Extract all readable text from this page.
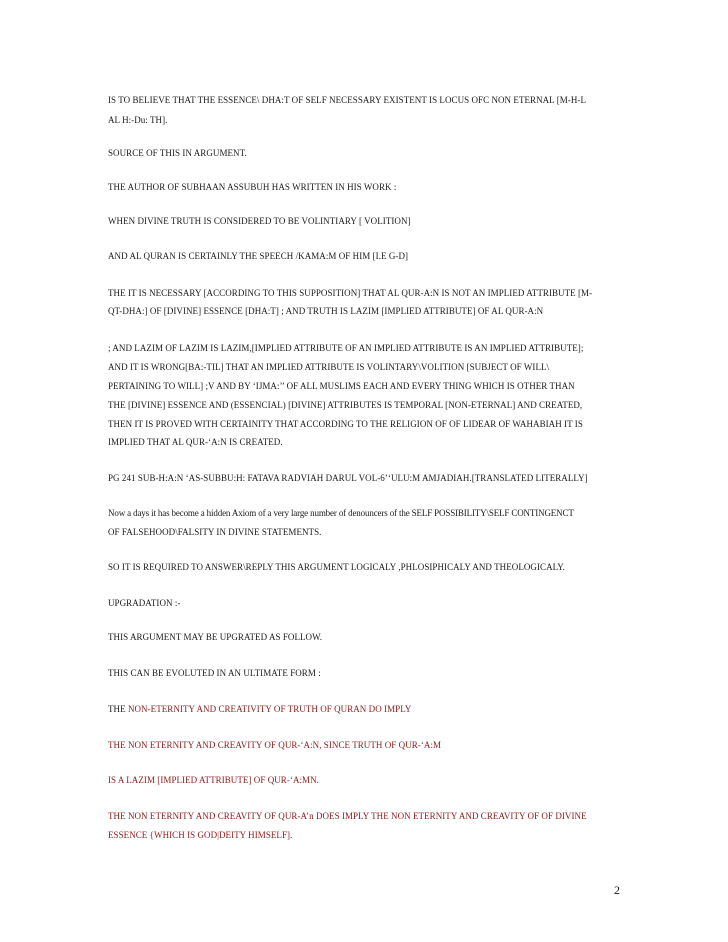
IS TO BELIEVE THAT THE ESSENCE\ DHA:T OF SELF NECESSARY EXISTENT IS LOCUS OFC NON ETERNAL [M-H-L
AL H:-Du: TH].
SOURCE OF THIS IN ARGUMENT.
THE AUTHOR OF SUBHAAN ASSUBUH HAS WRITTEN IN HIS WORK :
WHEN DIVINE TRUTH IS CONSIDERED TO BE VOLINTIARY [ VOLITION]
AND AL QURAN IS CERTAINLY THE SPEECH /KAMA:M OF HIM [I.E G-D]
THE IT IS NECESSARY [ACCORDING TO THIS SUPPOSITION] THAT AL QUR-A:N IS NOT AN IMPLIED ATTRIBUTE [M-
QT-DHA:] OF [DIVINE] ESSENCE [DHA:T] ; AND TRUTH IS LAZIM [IMPLIED ATTRIBUTE] OF AL QUR-A:N
; AND LAZIM OF LAZIM IS LAZIM,[IMPLIED ATTRIBUTE OF AN IMPLIED ATTRIBUTE IS AN IMPLIED ATTRIBUTE];
AND IT IS WRONG[BA:-TIL] THAT AN IMPLIED ATTRIBUTE IS VOLINTARY\VOLITION [SUBJECT OF WILL\
PERTAINING TO WILL] ;V AND BY ‘IJMA:’’ OF ALL MUSLIMS EACH AND EVERY THING WHICH IS OTHER THAN
THE [DIVINE] ESSENCE AND (ESSENCIAL) [DIVINE] ATTRIBUTES IS TEMPORAL [NON-ETERNAL] AND CREATED,
THEN IT IS PROVED WITH CERTAINITY THAT ACCORDING TO THE RELIGION OF OF LIDEAR OF WAHABIAH IT IS
IMPLIED THAT AL QUR-‘A:N IS CREATED.
PG 241 SUB-H:A:N ‘AS-SUBBU:H: FATAVA RADVIAH DARUL VOL-6’‘ULU:M AMJADIAH.[TRANSLATED LITERALLY]
Now a days it has become a hidden Axiom of a very large number of denouncers of the SELF POSSIBILITY\SELF CONTINGENCT
OF FALSEHOOD\FALSITY IN DIVINE STATEMENTS.
SO IT IS REQUIRED TO ANSWER\REPLY THIS ARGUMENT LOGICALY ,PHLOSIPHICALY AND THEOLOGICALY.
UPGRADATION :-
THIS ARGUMENT MAY BE UPGRATED AS FOLLOW.
THIS CAN BE EVOLUTED IN AN ULTIMATE FORM :
THE NON-ETERNITY AND CREATIVITY OF TRUTH OF QURAN DO IMPLY
THE NON ETERNITY AND CREAVITY OF QUR-‘A:N, SINCE TRUTH OF QUR-‘A:M
IS A LAZIM [IMPLIED ATTRIBUTE] OF QUR-‘A:MN.
THE NON ETERNITY AND CREAVITY OF QUR-A’n DOES IMPLY THE NON ETERNITY AND CREAVITY OF OF DIVINE
ESSENCE {WHICH IS GOD|DEITY HIMSELF].
2
